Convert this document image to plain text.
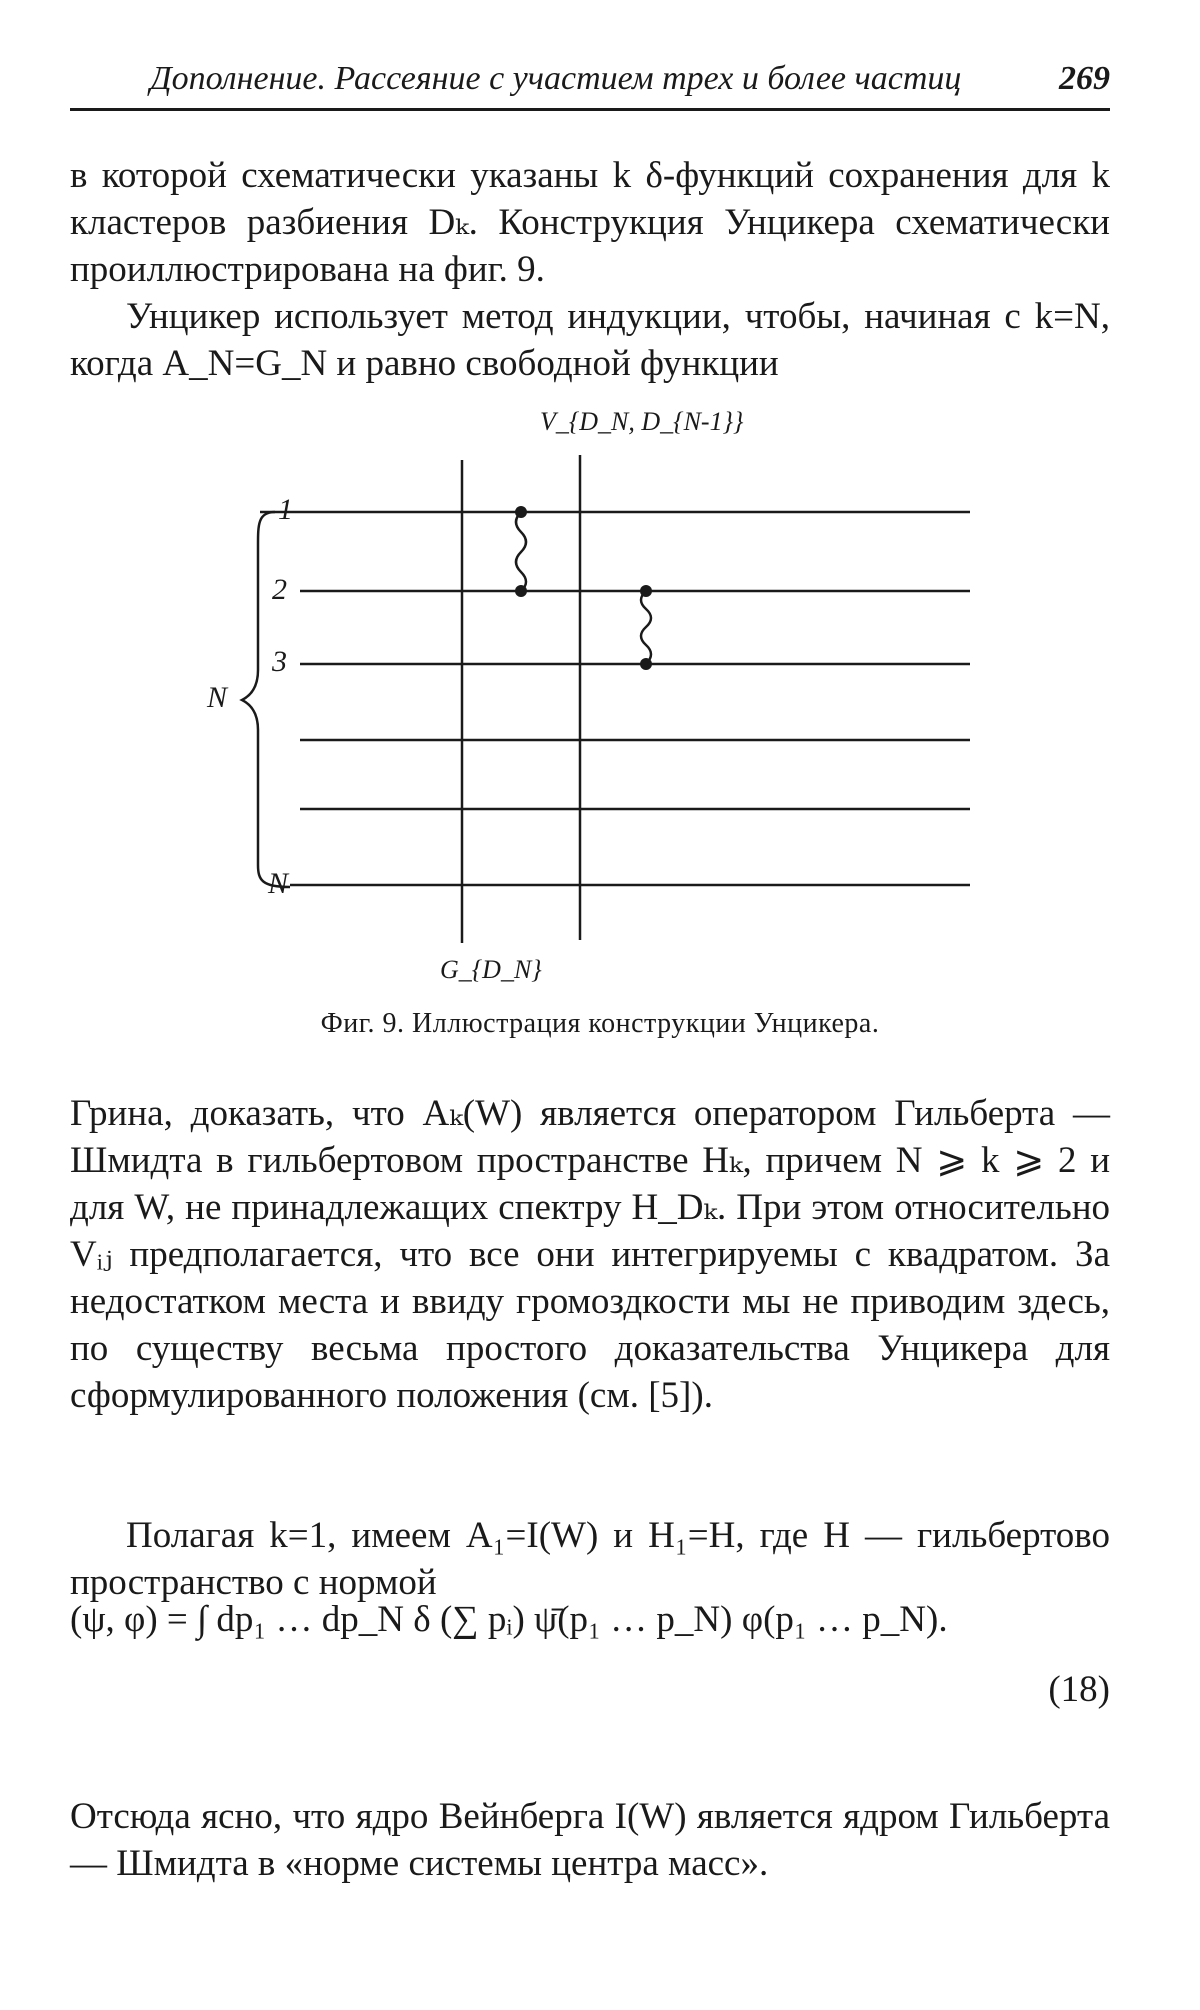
Дополнение. Рассеяние с участием трех и более частиц	269

в которой схематически указаны k δ-функций сохранения для k кластеров разбиения Dₖ. Конструкция Унцикера схематически проиллюстрирована на фиг. 9.

Унцикер использует метод индукции, чтобы, начиная с k=N, когда A_N=G_N и равно свободной функции

V_{D_N, D_{N-1}}
1
2
3
N
N
G_{D_N}
Фиг. 9. Иллюстрация конструкции Унцикера.

Грина, доказать, что Aₖ(W) является оператором Гильберта — Шмидта в гильбертовом пространстве Hₖ, причем N ⩾ k ⩾ 2 и для W, не принадлежащих спектру H_Dₖ. При этом относительно Vᵢⱼ предполагается, что все они интегрируемы с квадратом. За недостатком места и ввиду громоздкости мы не приводим здесь, по существу весьма простого доказательства Унцикера для сформулированного положения (см. [5]).

Полагая k=1, имеем A₁=I(W) и H₁=H, где H — гильбертово пространство с нормой

(ψ, φ) = ∫ dp₁ … dp_N δ (∑ pᵢ) ψ̄(p₁ … p_N) φ(p₁ … p_N).
(18)

Отсюда ясно, что ядро Вейнберга I(W) является ядром Гильберта — Шмидта в «норме системы центра масс».
